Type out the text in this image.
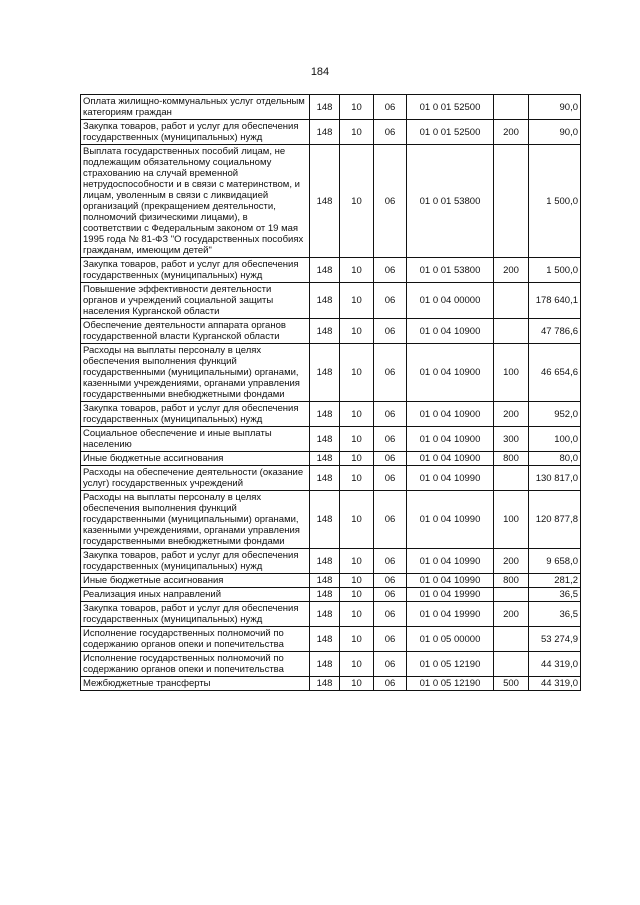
184
Оплата жилищно-коммунальных услуг отдельным категориям граждан	148	10	06	01 0 01 52500		90,0
Закупка товаров, работ и услуг для обеспечения государственных (муниципальных) нужд	148	10	06	01 0 01 52500	200	90,0
Выплата государственных пособий лицам, не подлежащим обязательному социальному страхованию на случай временной нетрудоспособности и в связи с материнством, и лицам, уволенным в связи с ликвидацией организаций (прекращением деятельности, полномочий физическими лицами), в соответствии с Федеральным законом от 19 мая 1995 года № 81-ФЗ "О государственных пособиях гражданам, имеющим детей"	148	10	06	01 0 01 53800		1 500,0
Закупка товаров, работ и услуг для обеспечения государственных (муниципальных) нужд	148	10	06	01 0 01 53800	200	1 500,0
Повышение эффективности деятельности органов и учреждений социальной защиты населения Курганской области	148	10	06	01 0 04 00000		178 640,1
Обеспечение деятельности аппарата органов государственной власти Курганской области	148	10	06	01 0 04 10900		47 786,6
Расходы на выплаты персоналу в целях обеспечения выполнения функций государственными (муниципальными) органами, казенными учреждениями, органами управления государственными внебюджетными фондами	148	10	06	01 0 04 10900	100	46 654,6
Закупка товаров, работ и услуг для обеспечения государственных (муниципальных) нужд	148	10	06	01 0 04 10900	200	952,0
Социальное обеспечение и иные выплаты населению	148	10	06	01 0 04 10900	300	100,0
Иные бюджетные ассигнования	148	10	06	01 0 04 10900	800	80,0
Расходы на обеспечение деятельности (оказание услуг) государственных учреждений	148	10	06	01 0 04 10990		130 817,0
Расходы на выплаты персоналу в целях обеспечения выполнения функций государственными (муниципальными) органами, казенными учреждениями, органами управления государственными внебюджетными фондами	148	10	06	01 0 04 10990	100	120 877,8
Закупка товаров, работ и услуг для обеспечения государственных (муниципальных) нужд	148	10	06	01 0 04 10990	200	9 658,0
Иные бюджетные ассигнования	148	10	06	01 0 04 10990	800	281,2
Реализация иных направлений	148	10	06	01 0 04 19990		36,5
Закупка товаров, работ и услуг для обеспечения государственных (муниципальных) нужд	148	10	06	01 0 04 19990	200	36,5
Исполнение государственных полномочий по содержанию органов опеки и попечительства	148	10	06	01 0 05 00000		53 274,9
Исполнение государственных полномочий по содержанию органов опеки и попечительства	148	10	06	01 0 05 12190		44 319,0
Межбюджетные трансферты	148	10	06	01 0 05 12190	500	44 319,0
